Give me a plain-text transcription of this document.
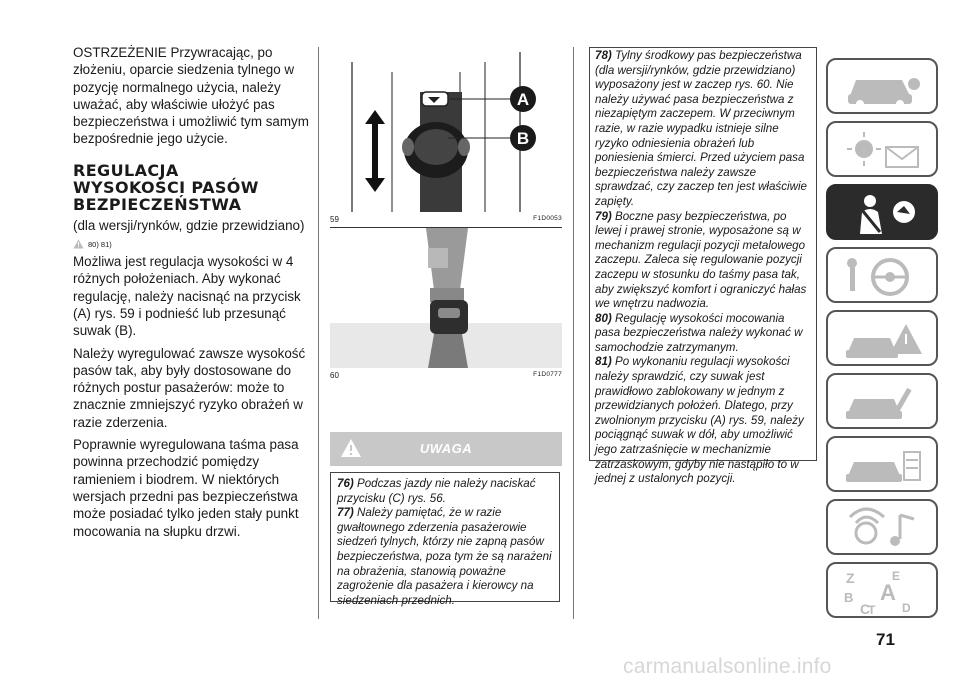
OSTRZEŻENIE Przywracając, po złożeniu, oparcie siedzenia tylnego w pozycję normalnego użycia, należy uważać, aby właściwie ułożyć pas bezpieczeństwa i umożliwić tym samym bezpośrednie jego użycie.

REGULACJA
WYSOKOŚCI PASÓW
BEZPIECZEŃSTWA

(dla wersji/rynków, gdzie przewidziano)

80) 81)

Możliwa jest regulacja wysokości w 4 różnych położeniach. Aby wykonać regulację, należy nacisnąć na przycisk (A) rys. 59 i podnieść lub przesunąć suwak (B).

Należy wyregulować zawsze wysokość pasów tak, aby były dostosowane do różnych postur pasażerów: może to znacznie zmniejszyć ryzyko obrażeń w razie zderzenia.

Poprawnie wyregulowana taśma pasa powinna przechodzić pomiędzy ramieniem i biodrem. W niektórych wersjach przedni pas bezpieczeństwa może posiadać tylko jeden stały punkt mocowania na słupku drzwi.

A
B
59	F1D0053
60	F1D0777
UWAGA

76) Podczas jazdy nie należy naciskać przycisku (C) rys. 56.

77) Należy pamiętać, że w razie gwałtownego zderzenia pasażerowie siedzeń tylnych, którzy nie zapną pasów bezpieczeństwa, poza tym że są narażeni na obrażenia, stanowią poważne zagrożenie dla pasażera i kierowcy na siedzeniach przednich.

78) Tylny środkowy pas bezpieczeństwa (dla wersji/rynków, gdzie przewidziano) wyposażony jest w zaczep rys. 60. Nie należy używać pasa bezpieczeństwa z niezapiętym zaczepem. W przeciwnym razie, w razie wypadku istnieje silne ryzyko odniesienia obrażeń lub poniesienia śmierci. Przed użyciem pasa bezpieczeństwa należy zawsze sprawdzać, czy zaczep ten jest właściwie zapięty.

79) Boczne pasy bezpieczeństwa, po lewej i prawej stronie, wyposażone są w mechanizm regulacji pozycji metalowego zaczepu. Zaleca się regulowanie pozycji zaczepu w stosunku do taśmy pasa tak, aby zwiększyć komfort i ograniczyć hałas we wnętrzu nadwozia.

80) Regulację wysokości mocowania pasa bezpieczeństwa należy wykonać w samochodzie zatrzymanym.

81) Po wykonaniu regulacji wysokości należy sprawdzić, czy suwak jest prawidłowo zablokowany w jednym z przewidzianych położeń. Dlatego, przy zwolnionym przycisku (A) rys. 59, należy pociągnąć suwak w dół, aby umożliwić jego zatrzaśnięcie w mechanizmie zatrzaskowym, gdyby nie nastąpiło to w jednej z ustalonych pozycji.

Z	E
B A
C
T D
71
carmanualsonline.info
